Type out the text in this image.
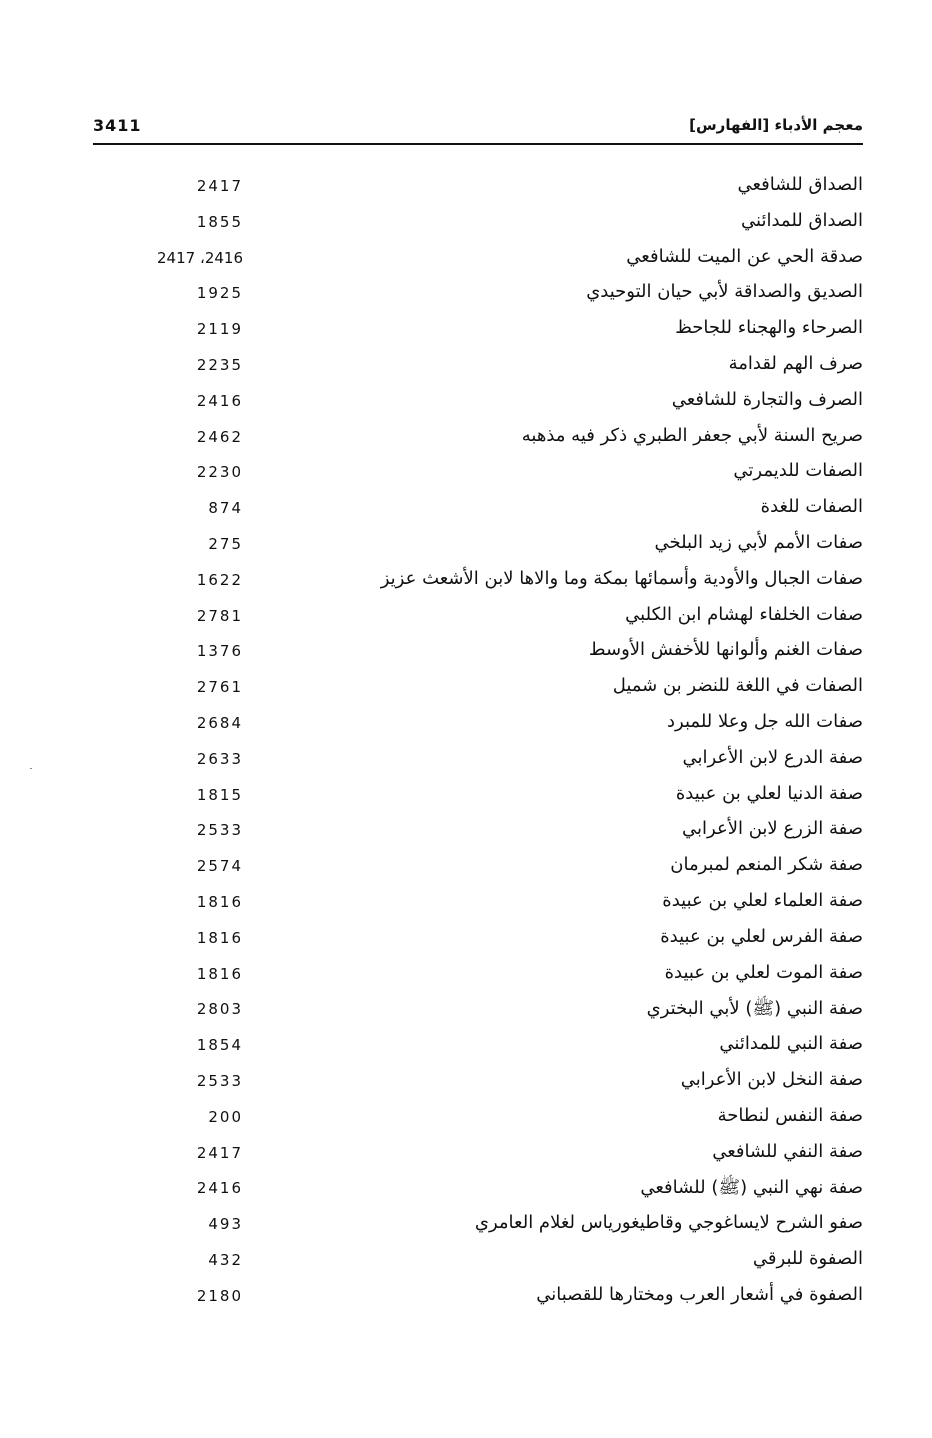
3411	معجم الأدباء [الفهارس]
الصداق للشافعي
2417
الصداق للمدائني
1855
صدقة الحي عن الميت للشافعي
2416، 2417
الصديق والصداقة لأبي حيان التوحيدي
1925
الصرحاء والهجناء للجاحظ
2119
صرف الهم لقدامة
2235
الصرف والتجارة للشافعي
2416
صريح السنة لأبي جعفر الطبري ذكر فيه مذهبه
2462
الصفات للديمرتي
2230
الصفات للغدة
874
صفات الأمم لأبي زيد البلخي
275
صفات الجبال والأودية وأسمائها بمكة وما والاها لابن الأشعث عزيز
1622
صفات الخلفاء لهشام ابن الكلبي
2781
صفات الغنم وألوانها للأخفش الأوسط
1376
الصفات في اللغة للنضر بن شميل
2761
صفات الله جل وعلا للمبرد
2684
صفة الدرع لابن الأعرابي
2633
صفة الدنيا لعلي بن عبيدة
1815
صفة الزرع لابن الأعرابي
2533
صفة شكر المنعم لمبرمان
2574
صفة العلماء لعلي بن عبيدة
1816
صفة الفرس لعلي بن عبيدة
1816
صفة الموت لعلي بن عبيدة
1816
صفة النبي (ﷺ) لأبي البختري
2803
صفة النبي للمدائني
1854
صفة النخل لابن الأعرابي
2533
صفة النفس لنطاحة
200
صفة النفي للشافعي
2417
صفة نهي النبي (ﷺ) للشافعي
2416
صفو الشرح لايساغوجي وقاطيغورياس لغلام العامري
493
الصفوة للبرقي
432
الصفوة في أشعار العرب ومختارها للقصباني
2180
